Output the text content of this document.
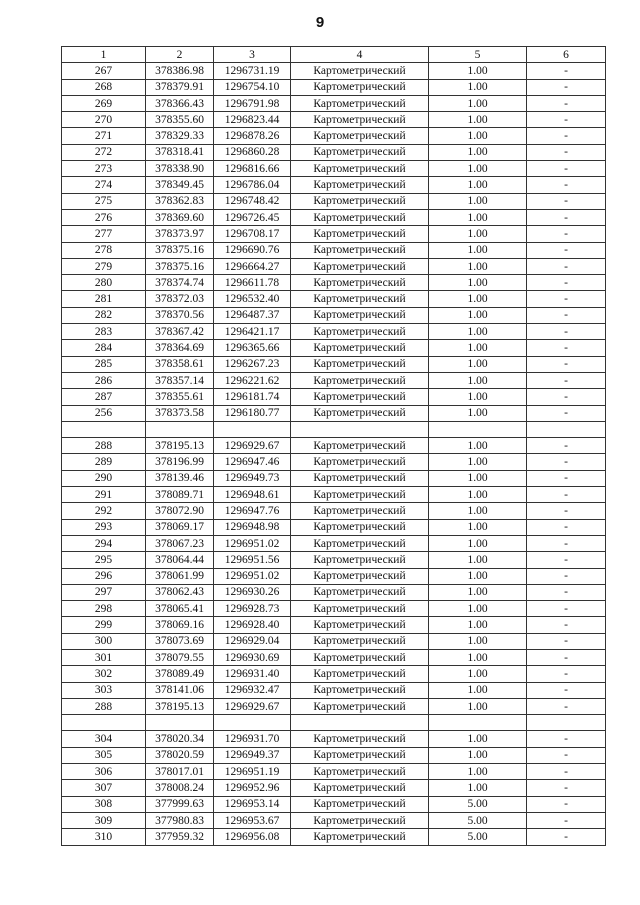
9
1	2	3	4	5	6
267	378386.98	1296731.19	Картометрический	1.00	-
268	378379.91	1296754.10	Картометрический	1.00	-
269	378366.43	1296791.98	Картометрический	1.00	-
270	378355.60	1296823.44	Картометрический	1.00	-
271	378329.33	1296878.26	Картометрический	1.00	-
272	378318.41	1296860.28	Картометрический	1.00	-
273	378338.90	1296816.66	Картометрический	1.00	-
274	378349.45	1296786.04	Картометрический	1.00	-
275	378362.83	1296748.42	Картометрический	1.00	-
276	378369.60	1296726.45	Картометрический	1.00	-
277	378373.97	1296708.17	Картометрический	1.00	-
278	378375.16	1296690.76	Картометрический	1.00	-
279	378375.16	1296664.27	Картометрический	1.00	-
280	378374.74	1296611.78	Картометрический	1.00	-
281	378372.03	1296532.40	Картометрический	1.00	-
282	378370.56	1296487.37	Картометрический	1.00	-
283	378367.42	1296421.17	Картометрический	1.00	-
284	378364.69	1296365.66	Картометрический	1.00	-
285	378358.61	1296267.23	Картометрический	1.00	-
286	378357.14	1296221.62	Картометрический	1.00	-
287	378355.61	1296181.74	Картометрический	1.00	-
256	378373.58	1296180.77	Картометрический	1.00	-

288	378195.13	1296929.67	Картометрический	1.00	-
289	378196.99	1296947.46	Картометрический	1.00	-
290	378139.46	1296949.73	Картометрический	1.00	-
291	378089.71	1296948.61	Картометрический	1.00	-
292	378072.90	1296947.76	Картометрический	1.00	-
293	378069.17	1296948.98	Картометрический	1.00	-
294	378067.23	1296951.02	Картометрический	1.00	-
295	378064.44	1296951.56	Картометрический	1.00	-
296	378061.99	1296951.02	Картометрический	1.00	-
297	378062.43	1296930.26	Картометрический	1.00	-
298	378065.41	1296928.73	Картометрический	1.00	-
299	378069.16	1296928.40	Картометрический	1.00	-
300	378073.69	1296929.04	Картометрический	1.00	-
301	378079.55	1296930.69	Картометрический	1.00	-
302	378089.49	1296931.40	Картометрический	1.00	-
303	378141.06	1296932.47	Картометрический	1.00	-
288	378195.13	1296929.67	Картометрический	1.00	-

304	378020.34	1296931.70	Картометрический	1.00	-
305	378020.59	1296949.37	Картометрический	1.00	-
306	378017.01	1296951.19	Картометрический	1.00	-
307	378008.24	1296952.96	Картометрический	1.00	-
308	377999.63	1296953.14	Картометрический	5.00	-
309	377980.83	1296953.67	Картометрический	5.00	-
310	377959.32	1296956.08	Картометрический	5.00	-
